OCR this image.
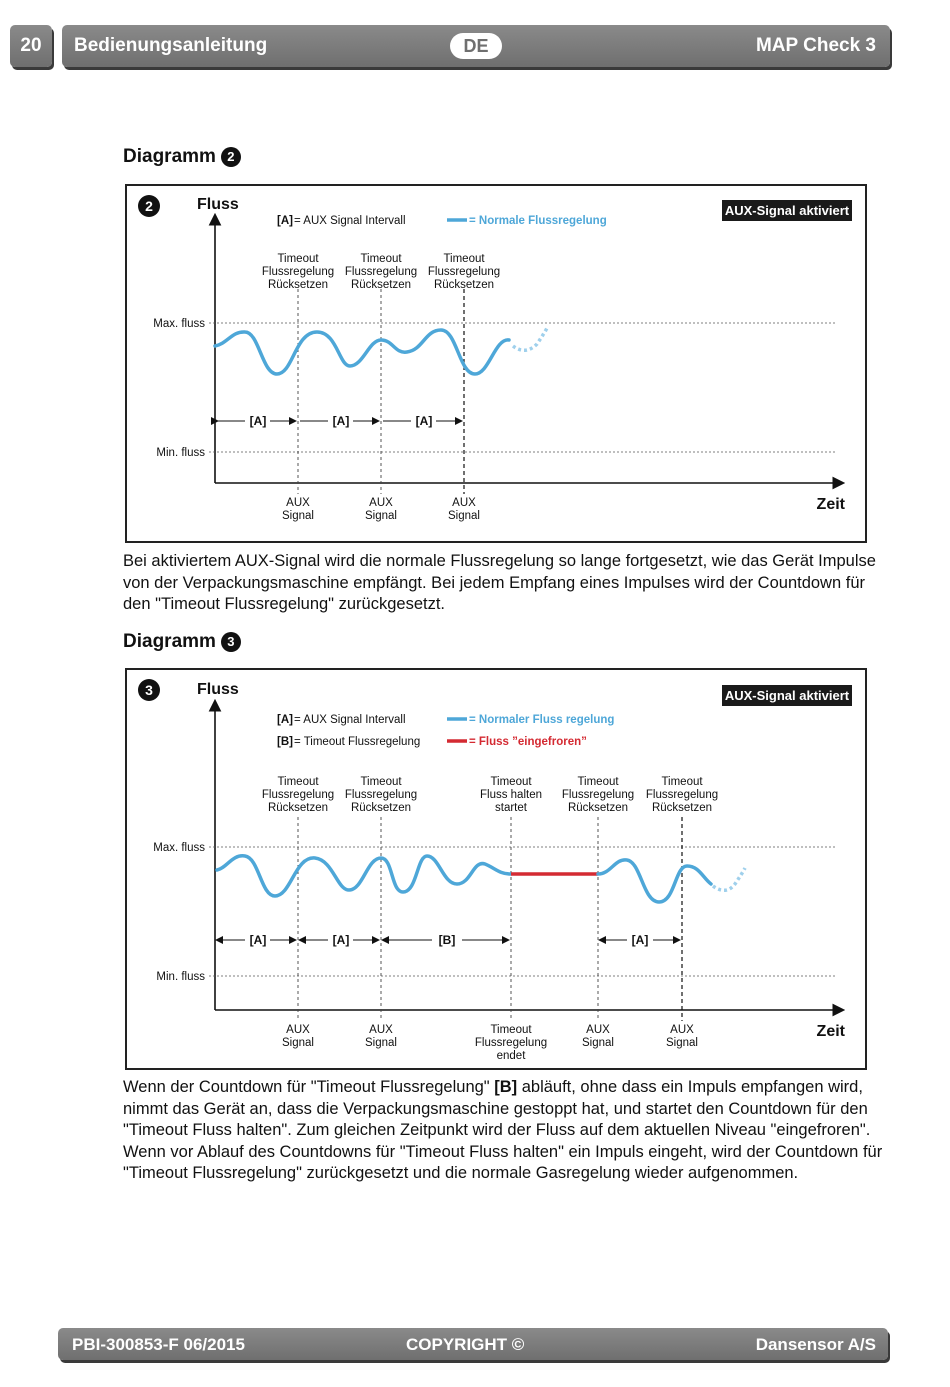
20	Bedienungsanleitung	DE	MAP Check 3
Diagramm 2
2	Fluss	AUX-Signal aktiviert
[A] = AUX Signal Intervall	= Normale Flussregelung
Zeit
Max. fluss
Min. fluss
Timeout
Flussregelung
Rücksetzen
Timeout
Flussregelung
Rücksetzen
Timeout
Flussregelung
Rücksetzen
[A]	[A]	[A]
AUX
Signal
AUX
Signal
AUX
Signal

Bei aktiviertem AUX-Signal wird die normale Flussregelung so lange fortgesetzt, wie das Gerät Impulse von der Verpackungsmaschine empfängt. Bei jedem Empfang eines Impulses wird der Countdown für den "Timeout Flussregelung" zurückgesetzt.

Diagramm 3
3	Fluss	AUX-Signal aktiviert
[A] = AUX Signal Intervall
[B] = Timeout Flussregelung
= Normaler Fluss regelung
= Fluss ”eingefroren”
Zeit
Max. fluss
Min. fluss
Timeout
Flussregelung
Rücksetzen
Timeout
Flussregelung
Rücksetzen
Timeout
Fluss halten
startet
Timeout
Flussregelung
Rücksetzen
Timeout
Flussregelung
Rücksetzen
[A]	[A]	[B]	[A]
AUX
Signal
AUX
Signal
Timeout
Flussregelung
endet
AUX
Signal
AUX
Signal

Wenn der Countdown für "Timeout Flussregelung" [B] abläuft, ohne dass ein Impuls empfangen wird, nimmt das Gerät an, dass die Verpackungsmaschine gestoppt hat, und startet den Countdown für den "Timeout Fluss halten". Zum gleichen Zeitpunkt wird der Fluss auf dem aktuellen Niveau "eingefroren". Wenn vor Ablauf des Countdowns für "Timeout Fluss halten" ein Impuls eingeht, wird der Countdown für "Timeout Flussregelung" zurückgesetzt und die normale Gasregelung wieder aufgenommen.

PBI-300853-F 06/2015	COPYRIGHT ©	Dansensor A/S
